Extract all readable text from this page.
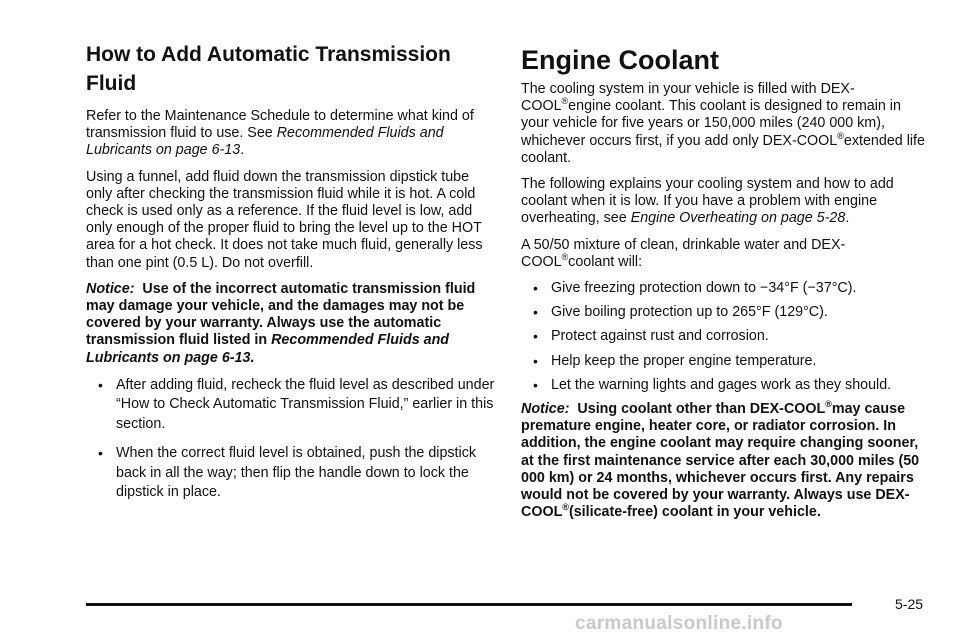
How to Add Automatic Transmission
Fluid

Refer to the Maintenance Schedule to determine what kind of transmission fluid to use. See Recommended Fluids and Lubricants on page 6-13.

Using a funnel, add fluid down the transmission dipstick tube only after checking the transmission fluid while it is hot. A cold check is used only as a reference. If the fluid level is low, add only enough of the proper fluid to bring the level up to the HOT area for a hot check. It does not take much fluid, generally less than one pint (0.5 L). Do not overfill.

Notice: Use of the incorrect automatic transmission fluid may damage your vehicle, and the damages may not be covered by your warranty. Always use the automatic transmission fluid listed in Recommended Fluids and Lubricants on page 6-13.

• After adding fluid, recheck the fluid level as described under “How to Check Automatic Transmission Fluid,” earlier in this section.
• When the correct fluid level is obtained, push the dipstick back in all the way; then flip the handle down to lock the dipstick in place.
Engine Coolant

The cooling system in your vehicle is filled with DEX-COOL®engine coolant. This coolant is designed to remain in your vehicle for five years or 150,000 miles (240 000 km), whichever occurs first, if you add only DEX-COOL®extended life coolant.

The following explains your cooling system and how to add coolant when it is low. If you have a problem with engine overheating, see Engine Overheating on page 5-28.

A 50/50 mixture of clean, drinkable water and DEX-COOL®coolant will:

• Give freezing protection down to −34°F (−37°C).
• Give boiling protection up to 265°F (129°C).
• Protect against rust and corrosion.
• Help keep the proper engine temperature.
• Let the warning lights and gages work as they should.

Notice: Using coolant other than DEX-COOL®may cause premature engine, heater core, or radiator corrosion. In addition, the engine coolant may require changing sooner, at the first maintenance service after each 30,000 miles (50 000 km) or 24 months, whichever occurs first. Any repairs would not be covered by your warranty. Always use DEX-COOL®(silicate-free) coolant in your vehicle.

5-25
carmanualsonline.info
